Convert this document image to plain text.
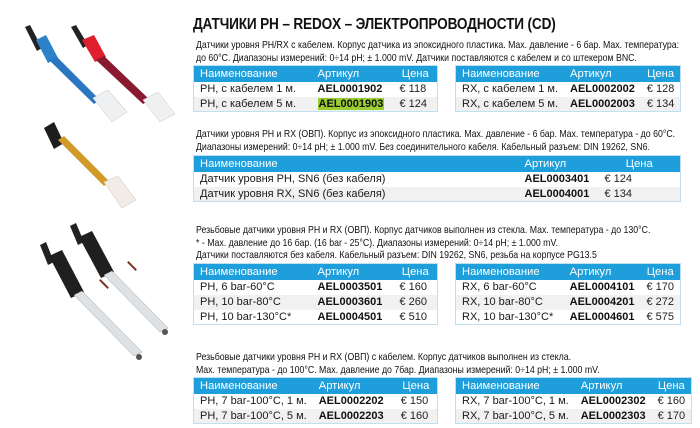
ДАТЧИКИ PH – REDOX – ЭЛЕКТРОПРОВОДНОСТИ (CD)
Датчики уровня PH/RX с кабелем. Корпус датчика из эпоксидного пластика. Max. давление - 6 бар. Max. температура:
до 60°C. Диапазоны измерений: 0÷14 pH; ± 1.000 mV. Датчики поставляются с кабелем и со штекером BNC.
Наименование	Артикул	Цена
PH, с кабелем 1 м.	AEL0001902	€ 118
PH, с кабелем 5 м.	AEL0001903	€ 124
Наименование	Артикул	Цена
RX, с кабелем 1 м.	AEL0002002	€ 128
RX, с кабелем 5 м.	AEL0002003	€ 134
Датчики уровня PH и RX (ОВП). Корпус из эпоксидного пластика. Max. давление - 6 бар. Max. температура - до 60°C.
Диапазоны измерений: 0÷14 pH; ± 1.000 mV. Без соединительного кабеля. Кабельный разъем: DIN 19262, SN6.
Наименование	Артикул	Цена
Датчик уровня PH, SN6 (без кабеля)	AEL0003401	€ 124
Датчик уровня RX, SN6 (без кабеля)	AEL0004001	€ 134
Резьбовые датчики уровня PH и RX (ОВП). Корпус датчиков выполнен из стекла. Max. температура - до 130°C.
* - Max. давление до 16 бар. (16 bar - 25°C). Диапазоны измерений: 0÷14 pH; ± 1.000 mV.
Датчики поставляются без кабеля. Кабельный разъем: DIN 19262, SN6, резьба на корпусе PG13.5
Наименование	Артикул	Цена
PH, 6 bar-60°C	AEL0003501	€ 160
PH, 10 bar-80°C	AEL0003601	€ 260
PH, 10 bar-130°C*	AEL0004501	€ 510
Наименование	Артикул	Цена
RX, 6 bar-60°C	AEL0004101	€ 170
RX, 10 bar-80°C	AEL0004201	€ 272
RX, 10 bar-130°C*	AEL0004601	€ 575
Резьбовые датчики уровня PH и RX (ОВП) с кабелем. Корпус датчиков выполнен из стекла.
Max. температура - до 100°C. Max. давление до 7бар. Диапазоны измерений: 0÷14 pH; ± 1.000 mV.
Наименование	Артикул	Цена
PH, 7 bar-100°C, 1 м.	AEL0002202	€ 150
PH, 7 bar-100°C, 5 м.	AEL0002203	€ 160
Наименование	Артикул	Цена
RX, 7 bar-100°C, 1 м.	AEL0002302	€ 160
RX, 7 bar-100°C, 5 м.	AEL0002303	€ 170
